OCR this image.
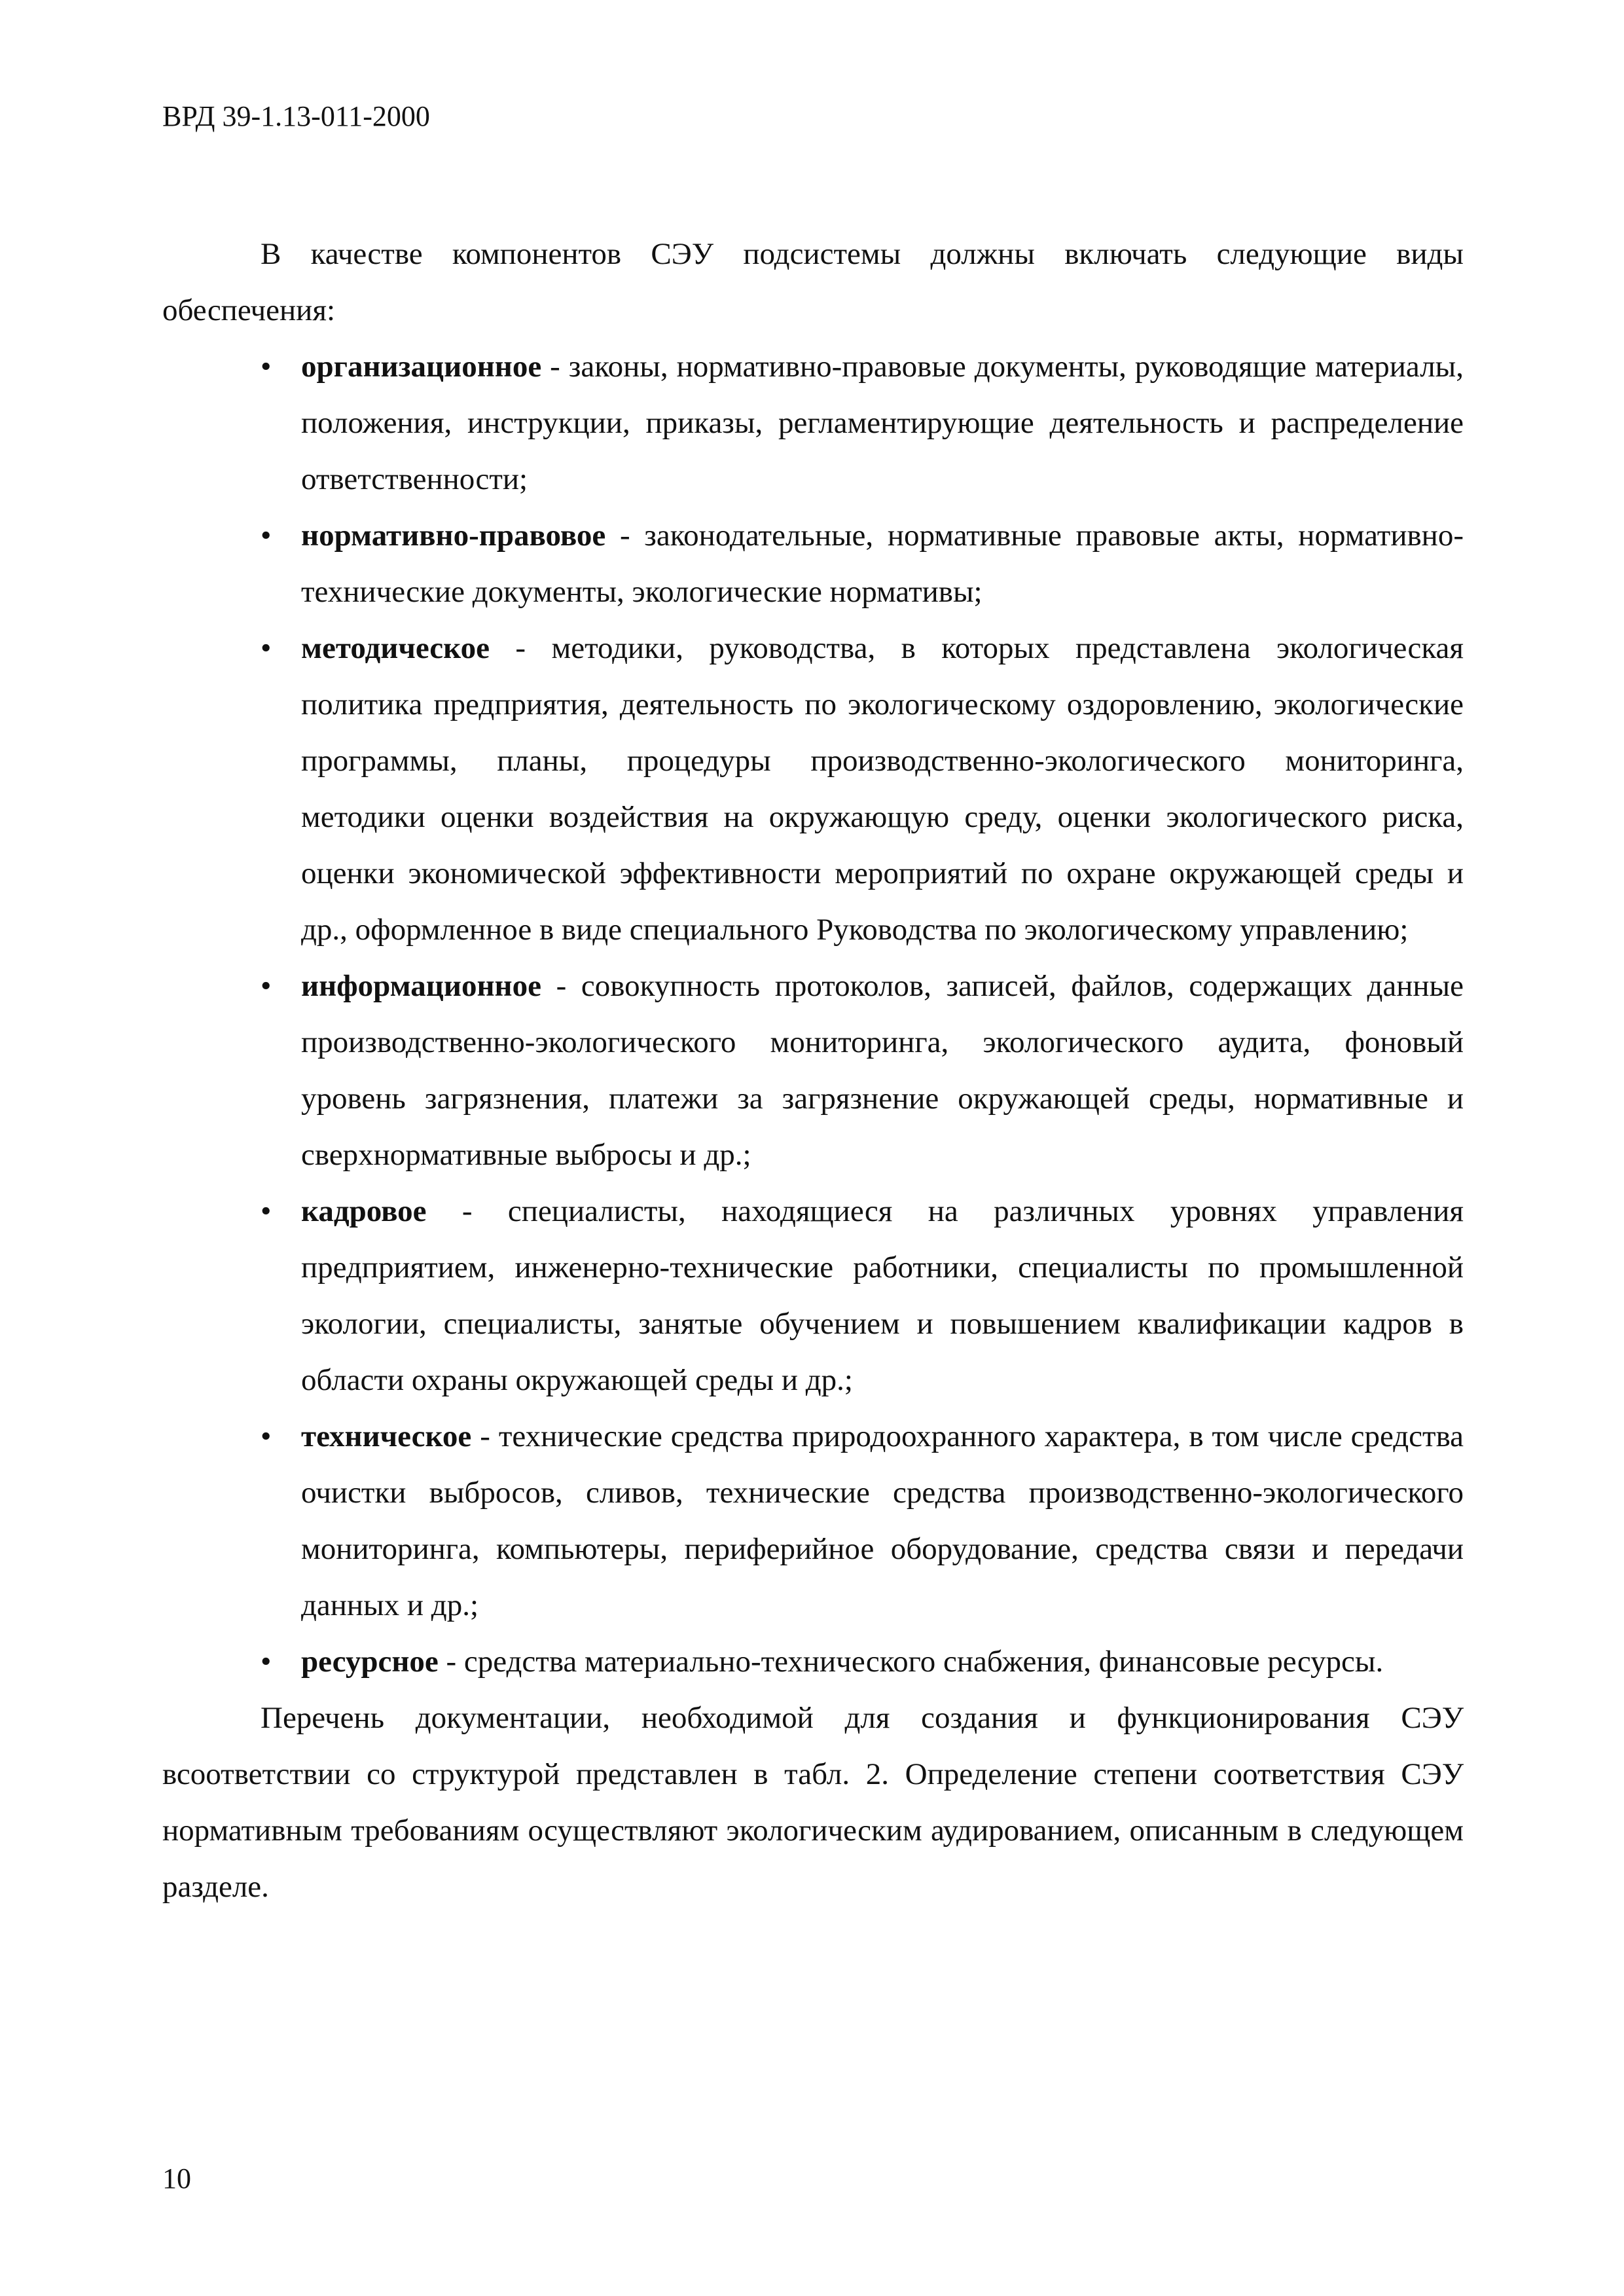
ВРД 39-1.13-011-2000

В качестве компонентов СЭУ подсистемы должны включать следующие виды обеспечения:

• организационное - законы, нормативно-правовые документы, руководящие материалы, положения, инструкции, приказы, регламентирующие деятельность и распределение ответственности;
• нормативно-правовое - законодательные, нормативные правовые акты, нормативно-технические документы, экологические нормативы;
• методическое - методики, руководства, в которых представлена экологическая политика предприятия, деятельность по экологическому оздоровлению, экологические программы, планы, процедуры производственно-экологического мониторинга, методики оценки воздействия на окружающую среду, оценки экологического риска, оценки экономической эффективности мероприятий по охране окружающей среды и др., оформленное в виде специального Руководства по экологическому управлению;
• информационное - совокупность протоколов, записей, файлов, содержащих данные производственно-экологического мониторинга, экологического аудита, фоновый уровень загрязнения, платежи за загрязнение окружающей среды, нормативные и сверхнормативные выбросы и др.;
• кадровое - специалисты, находящиеся на различных уровнях управления предприятием, инженерно-технические работники, специалисты по промышленной экологии, специалисты, занятые обучением и повышением квалификации кадров в области охраны окружающей среды и др.;
• техническое - технические средства природоохранного характера, в том числе средства очистки выбросов, сливов, технические средства производственно-экологического мониторинга, компьютеры, периферийное оборудование, средства связи и передачи данных и др.;
• ресурсное - средства материально-технического снабжения, финансовые ресурсы.

Перечень документации, необходимой для создания и функционирования СЭУ всоответствии со структурой представлен в табл. 2. Определение степени соответствия СЭУ нормативным требованиям осуществляют экологическим аудированием, описанным в следующем разделе.

10
